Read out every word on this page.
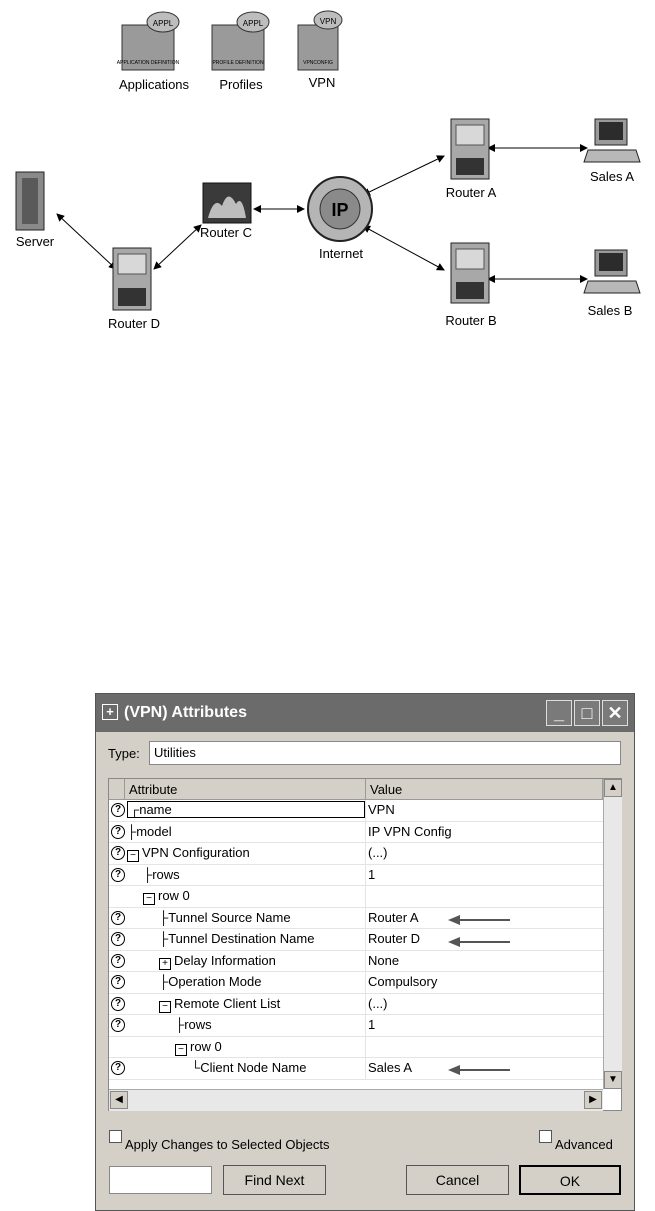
APPL
APPLICATION DEFINITION
APPL
PROFILE DEFINITION
VPN
VPNCONFIG
Applications Profiles	VPN
Server
Router D
Router C
IP
Internet
Router A
Router B
Sales A
Sales B
+ (VPN) Attributes	_ □ ✕
Type:	Utilities
Attribute	Value
? ┌name	VPN
? ├model	IP VPN Config
? − VPN Configuration	(...)
?	├rows	1
− row 0
?	├Tunnel Source Name	Router A
?	├Tunnel Destination Name	Router D
?	+ Delay Information	None
?	├Operation Mode	Compulsory
?	− Remote Client List	(...)
?	├rows	1
− row 0
?	└Client Node Name	Sales A
▲
▼
◀	▶
Apply Changes to Selected Objects	Advanced
Find Next	Cancel	OK
